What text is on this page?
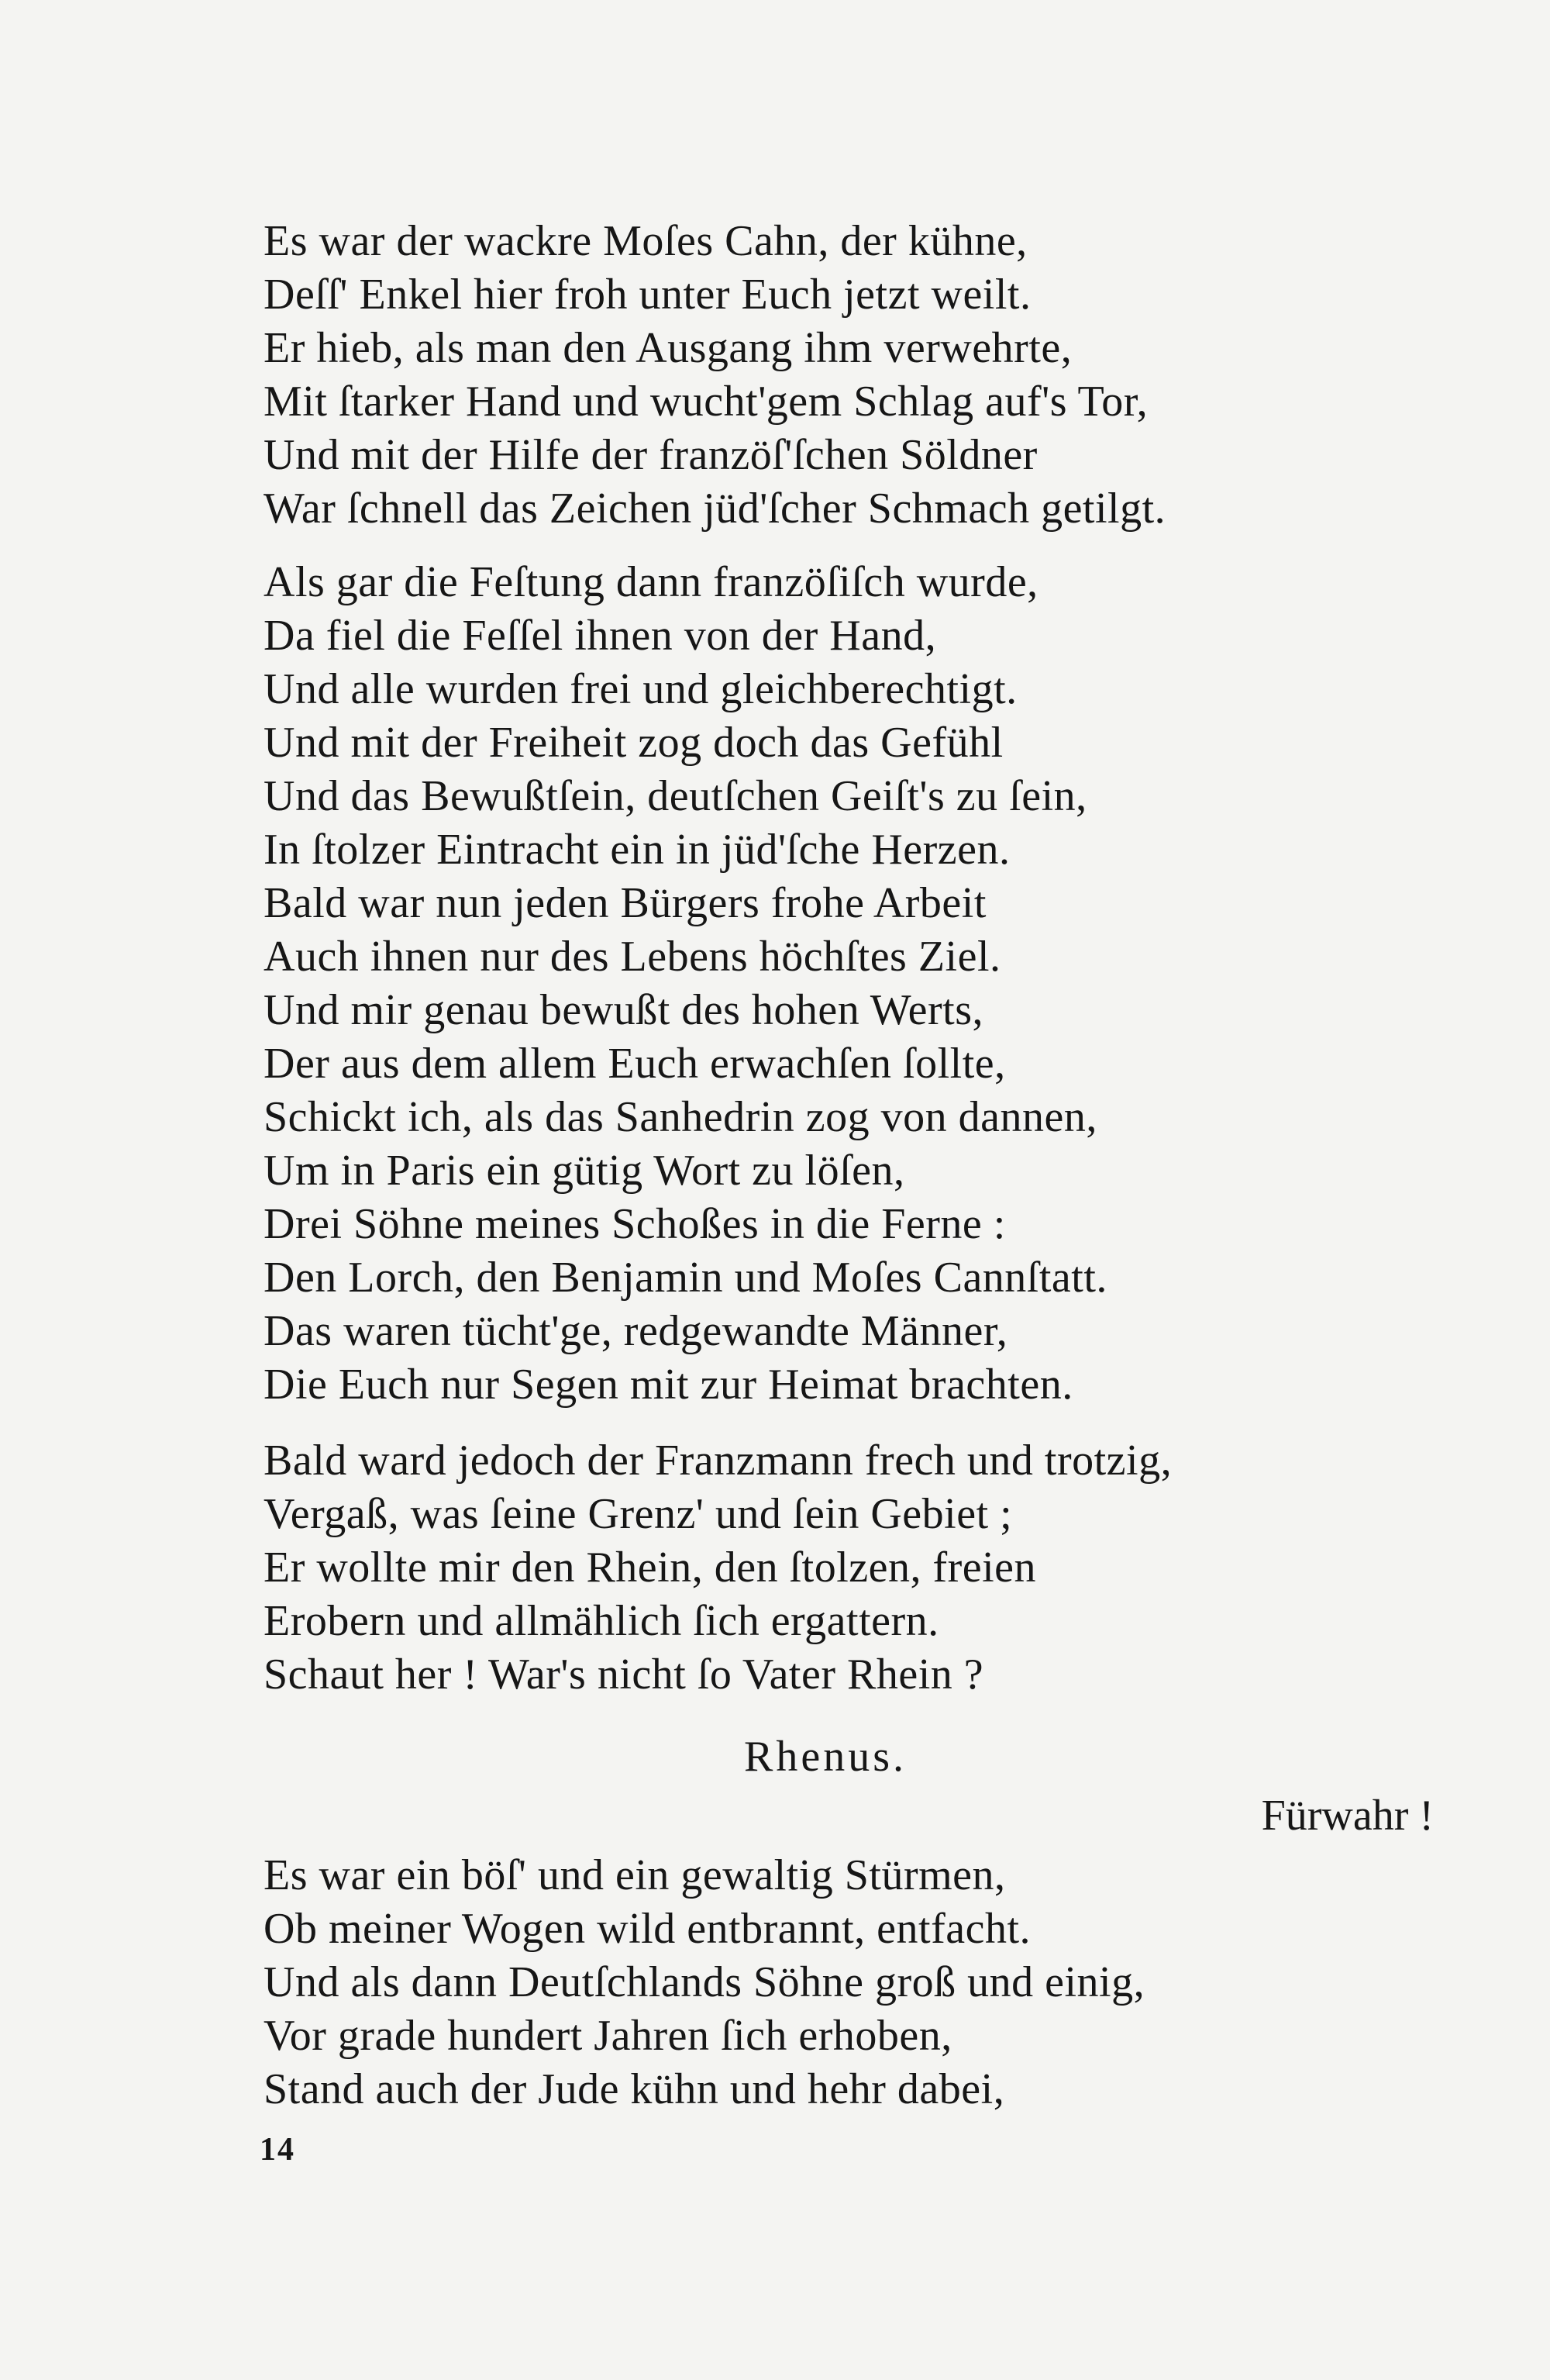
Es war der wackre Moſes Cahn, der kühne,
Deſſ' Enkel hier froh unter Euch jetzt weilt.
Er hieb, als man den Ausgang ihm verwehrte,
Mit ſtarker Hand und wucht'gem Schlag auf's Tor,
Und mit der Hilfe der franzöſ'ſchen Söldner
War ſchnell das Zeichen jüd'ſcher Schmach getilgt.
Als gar die Feſtung dann franzöſiſch wurde,
Da fiel die Feſſel ihnen von der Hand,
Und alle wurden frei und gleichberechtigt.
Und mit der Freiheit zog doch das Gefühl
Und das Bewußtſein, deutſchen Geiſt's zu ſein,
In ſtolzer Eintracht ein in jüd'ſche Herzen.
Bald war nun jeden Bürgers frohe Arbeit
Auch ihnen nur des Lebens höchſtes Ziel.
Und mir genau bewußt des hohen Werts,
Der aus dem allem Euch erwachſen ſollte,
Schickt ich, als das Sanhedrin zog von dannen,
Um in Paris ein gütig Wort zu löſen,
Drei Söhne meines Schoßes in die Ferne :
Den Lorch, den Benjamin und Moſes Cannſtatt.
Das waren tücht'ge, redgewandte Männer,
Die Euch nur Segen mit zur Heimat brachten.
Bald ward jedoch der Franzmann frech und trotzig,
Vergaß, was ſeine Grenz' und ſein Gebiet ;
Er wollte mir den Rhein, den ſtolzen, freien
Erobern und allmählich ſich ergattern.
Schaut her ! War's nicht ſo Vater Rhein ?
Rhenus.
Fürwahr !
Es war ein böſ' und ein gewaltig Stürmen,
Ob meiner Wogen wild entbrannt, entfacht.
Und als dann Deutſchlands Söhne groß und einig,
Vor grade hundert Jahren ſich erhoben,
Stand auch der Jude kühn und hehr dabei,
14
